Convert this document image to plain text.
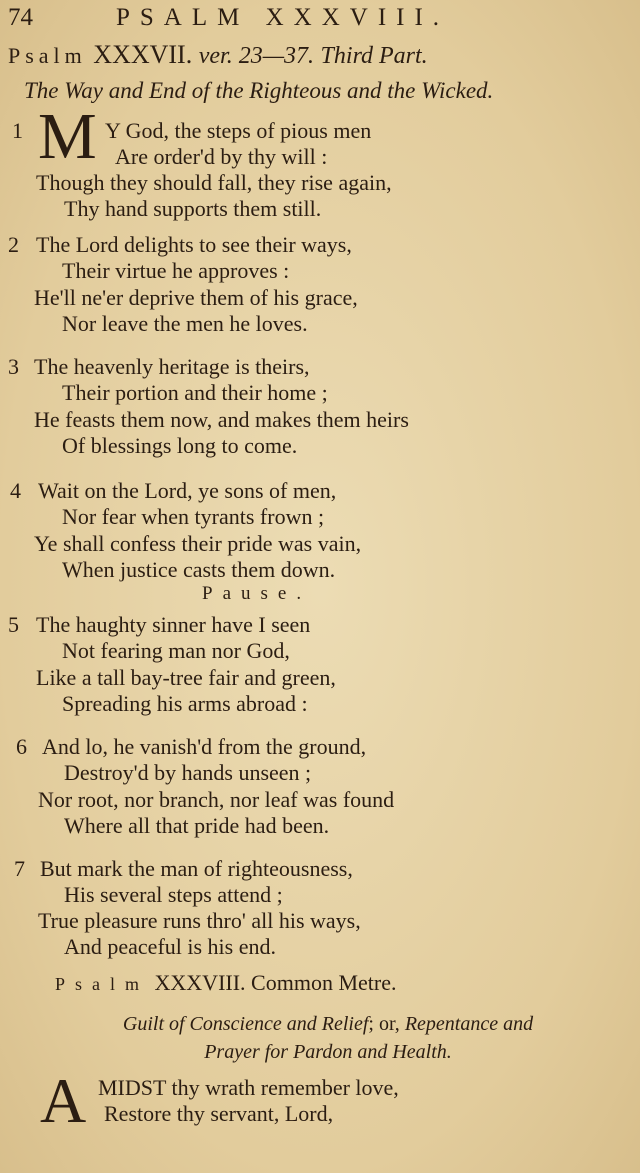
74	PSALM XXXVIII.
Psalm XXXVII. ver. 23—37. Third Part.
The Way and End of the Righteous and the Wicked.
1 M Y God, the steps of pious men
Are order'd by thy will :
Though they should fall, they rise again,
Thy hand supports them still.
2 The Lord delights to see their ways,
Their virtue he approves :
He'll ne'er deprive them of his grace,
Nor leave the men he loves.
3 The heavenly heritage is theirs,
Their portion and their home ;
He feasts them now, and makes them heirs
Of blessings long to come.
4 Wait on the Lord, ye sons of men,
Nor fear when tyrants frown ;
Ye shall confess their pride was vain,
When justice casts them down.
Pause.
5 The haughty sinner have I seen
Not fearing man nor God,
Like a tall bay-tree fair and green,
Spreading his arms abroad :
6 And lo, he vanish'd from the ground,
Destroy'd by hands unseen ;
Nor root, nor branch, nor leaf was found
Where all that pride had been.
7 But mark the man of righteousness,
His several steps attend ;
True pleasure runs thro' all his ways,
And peaceful is his end.
Psalm XXXVIII. Common Metre.
Guilt of Conscience and Relief; or, Repentance and
Prayer for Pardon and Health.
A MIDST thy wrath remember love,
Restore thy servant, Lord,
